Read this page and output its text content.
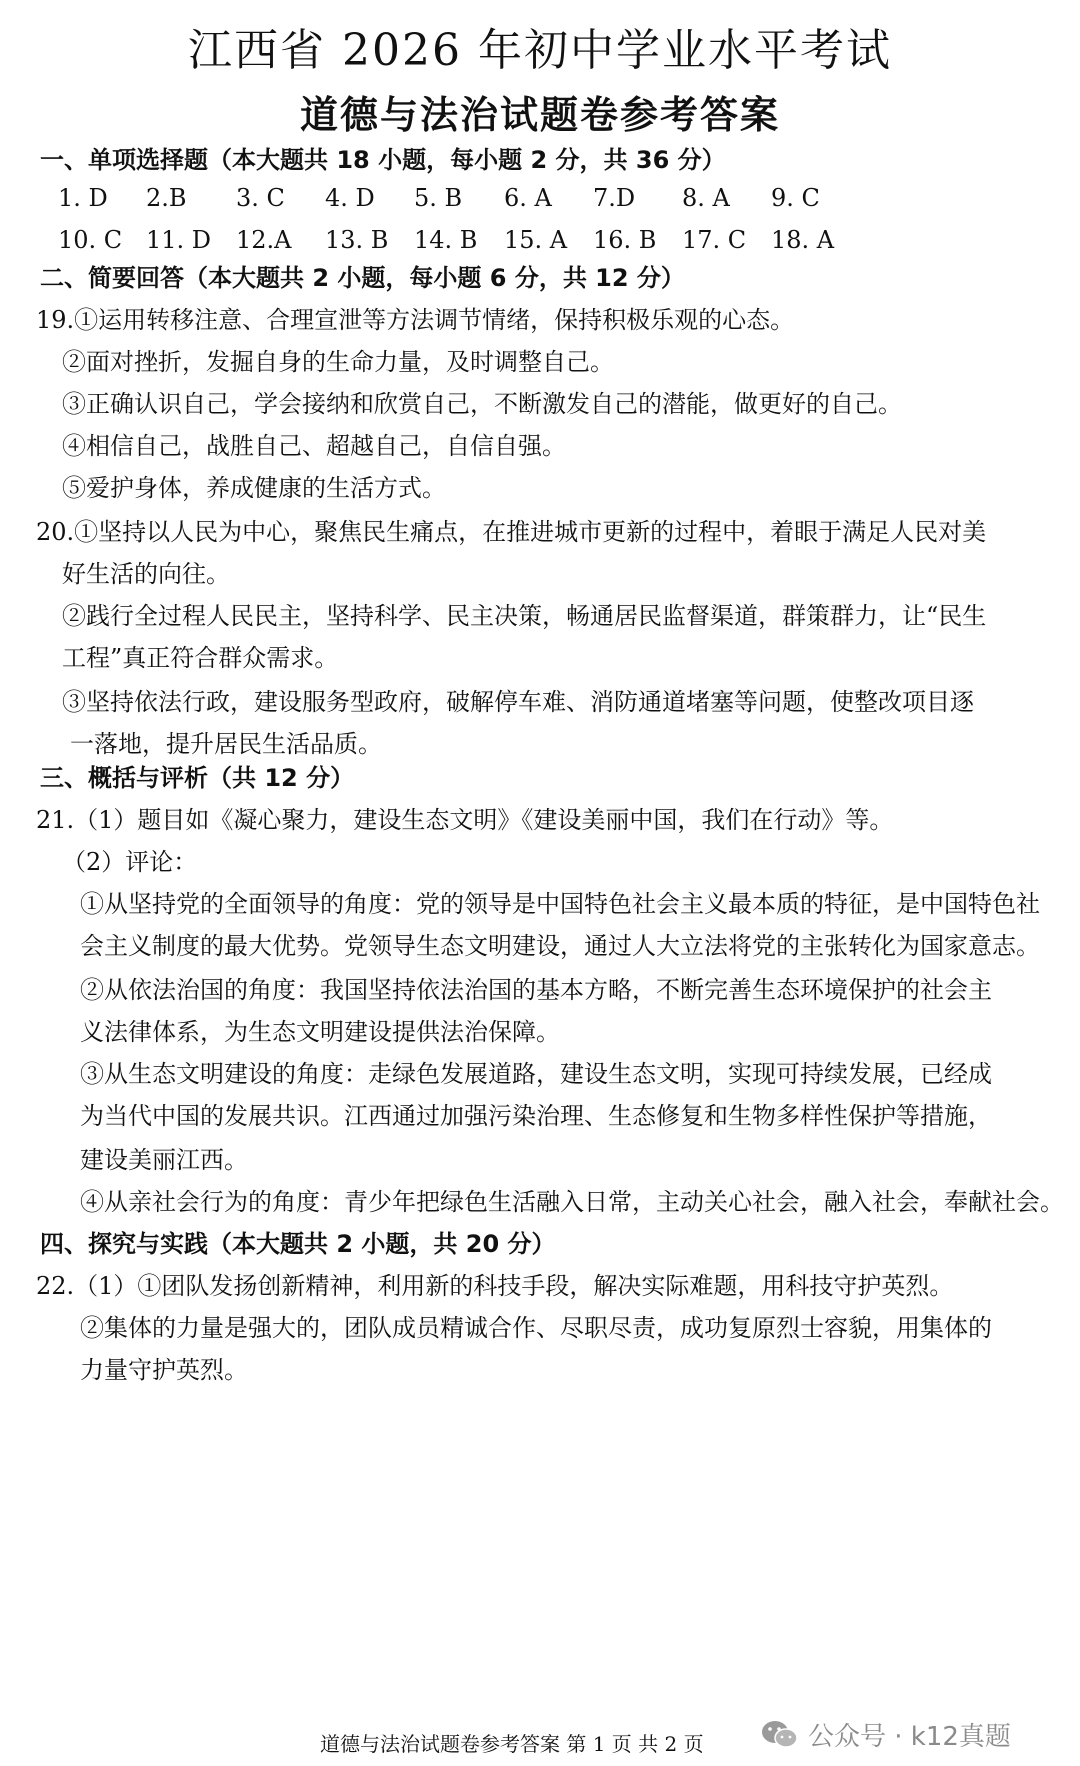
江西省 2026 年初中学业水平考试
道德与法治试题卷参考答案
一、单项选择题（本大题共 18 小题，每小题 2 分，共 36 分）
1. D 2.B 3. C 4. D 5. B 6. A 7.D 8. A 9. C
10. C 11. D 12.A 13. B 14. B 15. A 16. B 17. C 18. A
二、简要回答（本大题共 2 小题，每小题 6 分，共 12 分）
19.①运用转移注意、合理宣泄等方法调节情绪，保持积极乐观的心态。
②面对挫折，发掘自身的生命力量，及时调整自己。
③正确认识自己，学会接纳和欣赏自己，不断激发自己的潜能，做更好的自己。
④相信自己，战胜自己、超越自己，自信自强。
⑤爱护身体，养成健康的生活方式。
20.①坚持以人民为中心，聚焦民生痛点，在推进城市更新的过程中，着眼于满足人民对美
好生活的向往。
②践行全过程人民民主，坚持科学、民主决策，畅通居民监督渠道，群策群力，让“民生
工程”真正符合群众需求。
③坚持依法行政，建设服务型政府，破解停车难、消防通道堵塞等问题，使整改项目逐
一落地，提升居民生活品质。
三、概括与评析（共 12 分）
21.（1）题目如《凝心聚力，建设生态文明》《建设美丽中国，我们在行动》等。
（2）评论：
①从坚持党的全面领导的角度：党的领导是中国特色社会主义最本质的特征，是中国特色社
会主义制度的最大优势。党领导生态文明建设，通过人大立法将党的主张转化为国家意志。
②从依法治国的角度：我国坚持依法治国的基本方略，不断完善生态环境保护的社会主
义法律体系，为生态文明建设提供法治保障。
③从生态文明建设的角度：走绿色发展道路，建设生态文明，实现可持续发展，已经成
为当代中国的发展共识。江西通过加强污染治理、生态修复和生物多样性保护等措施，
建设美丽江西。
④从亲社会行为的角度：青少年把绿色生活融入日常，主动关心社会，融入社会，奉献社会。
四、探究与实践（本大题共 2 小题，共 20 分）
22.（1）①团队发扬创新精神，利用新的科技手段，解决实际难题，用科技守护英烈。
②集体的力量是强大的，团队成员精诚合作、尽职尽责，成功复原烈士容貌，用集体的
力量守护英烈。
道德与法治试题卷参考答案 第 1 页 共 2 页	公众号 · k12真题
